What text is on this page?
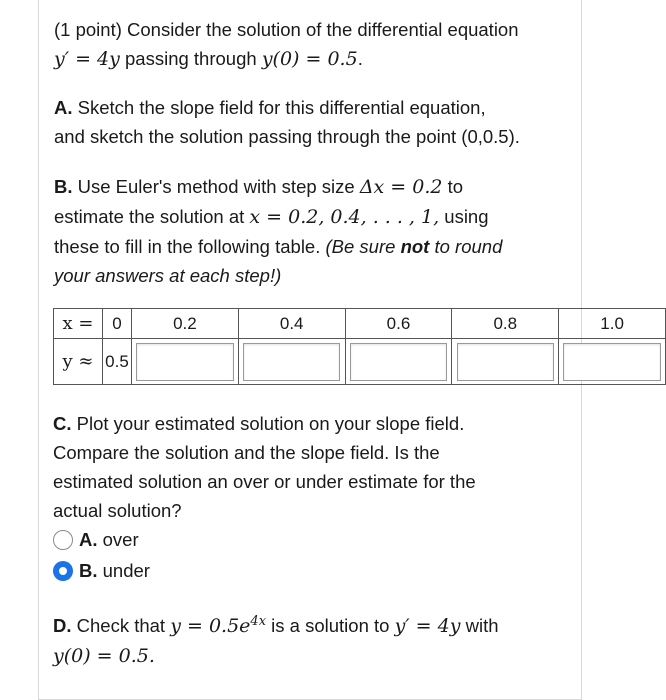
(1 point) Consider the solution of the differential equation
y′ = 4y passing through y(0) = 0.5.

A. Sketch the slope field for this differential equation,
and sketch the solution passing through the point (0,0.5).

B. Use Euler's method with step size Δx = 0.2 to
estimate the solution at x = 0.2, 0.4, . . . , 1, using
these to fill in the following table. (Be sure not to round
your answers at each step!)

x = 0	0.2	0.4	0.6	0.8	1.0

y ≈ 0.5

C. Plot your estimated solution on your slope field.
Compare the solution and the slope field. Is the
estimated solution an over or under estimate for the
actual solution?

D. Check that $y = 0.5e^{4x}$ is a solution to y′ = 4y with
y(0) = 0.5.

A.
over
B.
under
